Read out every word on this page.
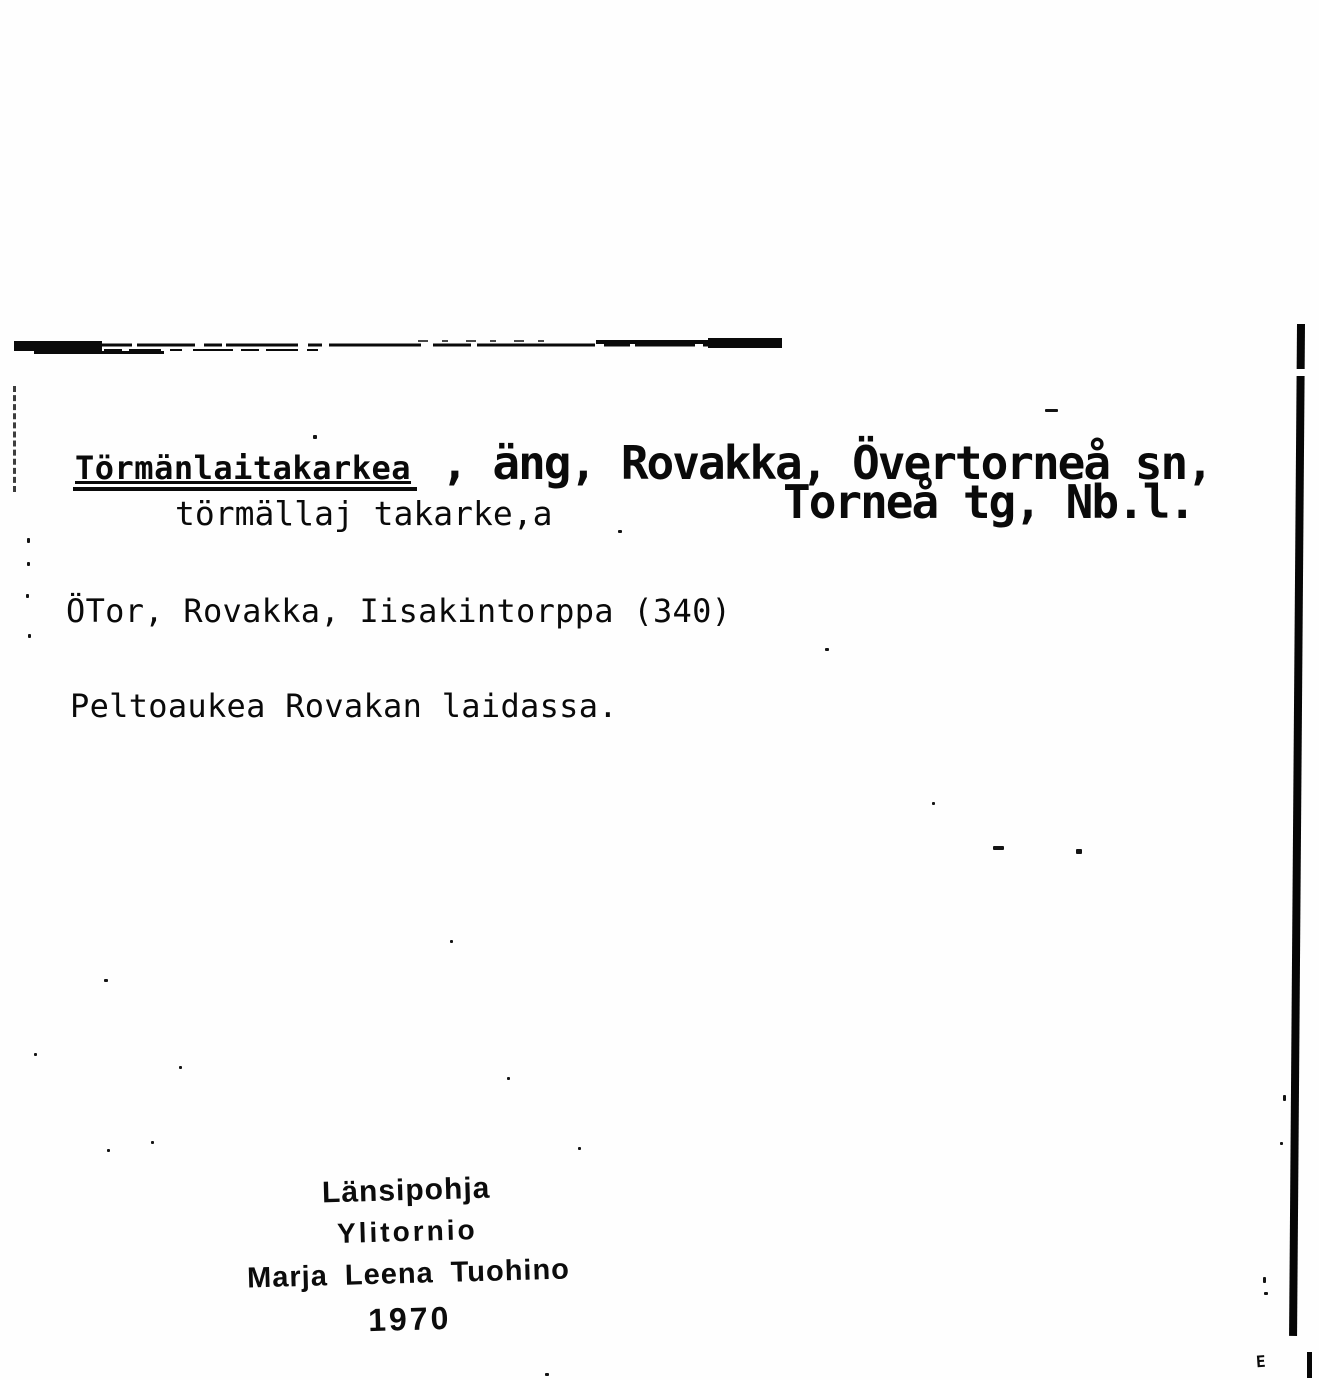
Törmänlaitakarkea , äng, Rovakka, Övertorneå sn,
törmällaj takarke‚a	Torneå tg, Nb.l.
ÖTor, Rovakka, Iisakintorppa (340)
Peltoaukea Rovakan laidassa.
Länsipohja
Ylitornio
Marja Leena Tuohino
1970
E
